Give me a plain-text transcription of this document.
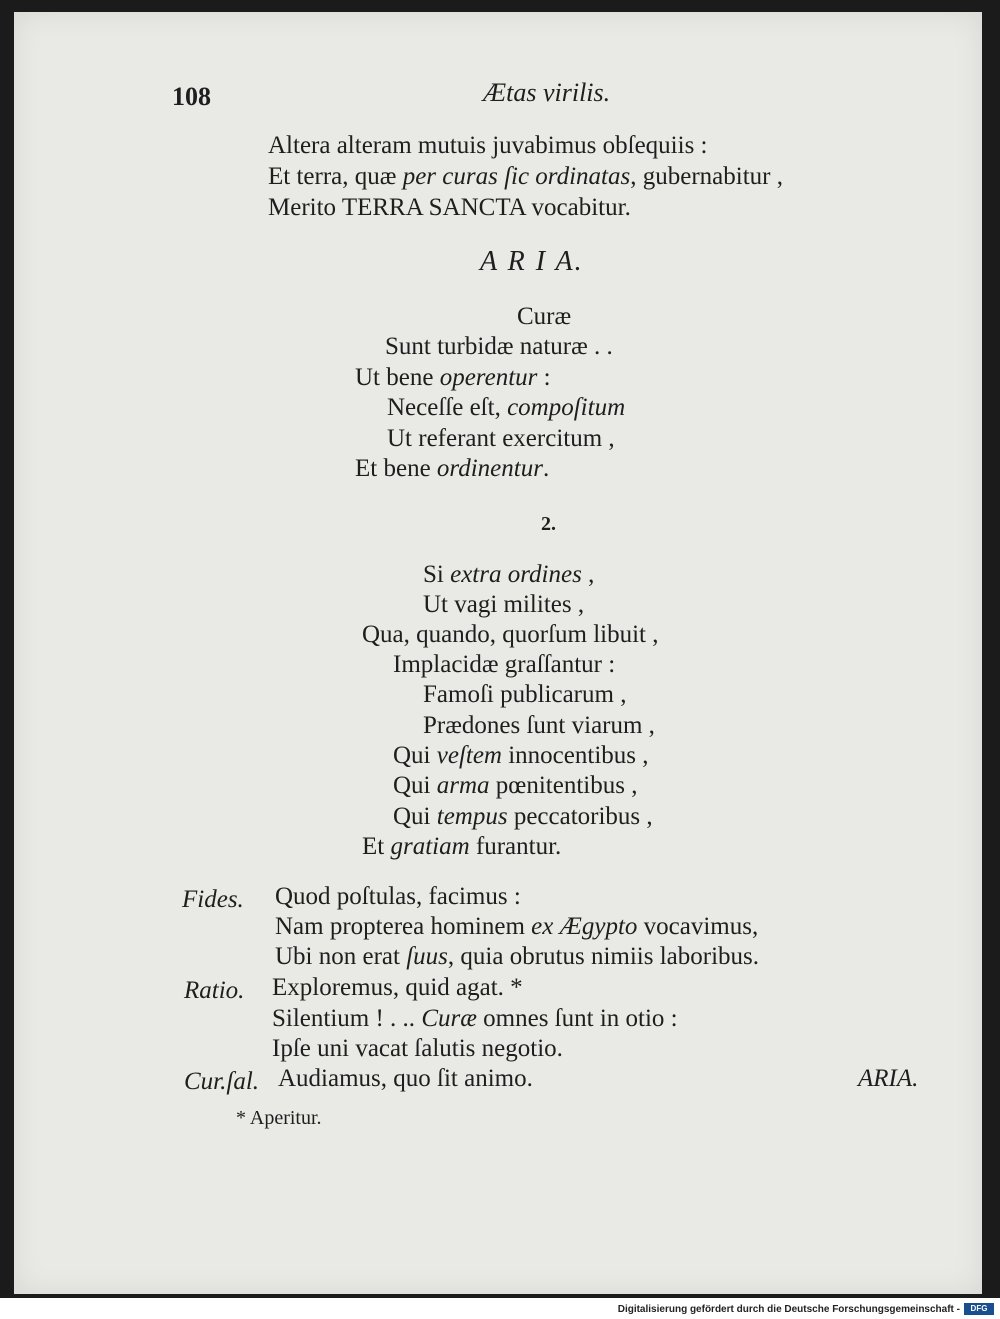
108	Ætas virilis.
Altera alteram mutuis juvabimus obſequiis :
Et terra, quæ per curas ſic ordinatas, gubernabitur ,
Merito TERRA SANCTA vocabitur.
A R I A.
Curæ
Sunt turbidæ naturæ . .
Ut bene operentur :
Neceſſe eſt, compoſitum
Ut referant exercitum ,
Et bene ordinentur.
2.
Si extra ordines ,
Ut vagi milites ,
Qua, quando, quorſum libuit ,
Implacidæ graſſantur :
Famoſi publicarum ,
Prædones ſunt viarum ,
Qui veſtem innocentibus ,
Qui arma pœnitentibus ,
Qui tempus peccatoribus ,
Et gratiam furantur.
Fides. Quod poſtulas, facimus :
Nam propterea hominem ex Ægypto vocavimus,
Ubi non erat ſuus, quia obrutus nimiis laboribus.
Ratio. Exploremus, quid agat. *
Silentium ! . .. Curæ omnes ſunt in otio :
Ipſe uni vacat ſalutis negotio.
Cur.ſal. Audiamus, quo ſit animo.	ARIA.
* Aperitur.
Digitalisierung gefördert durch die Deutsche Forschungsgemeinschaft -	DFG
